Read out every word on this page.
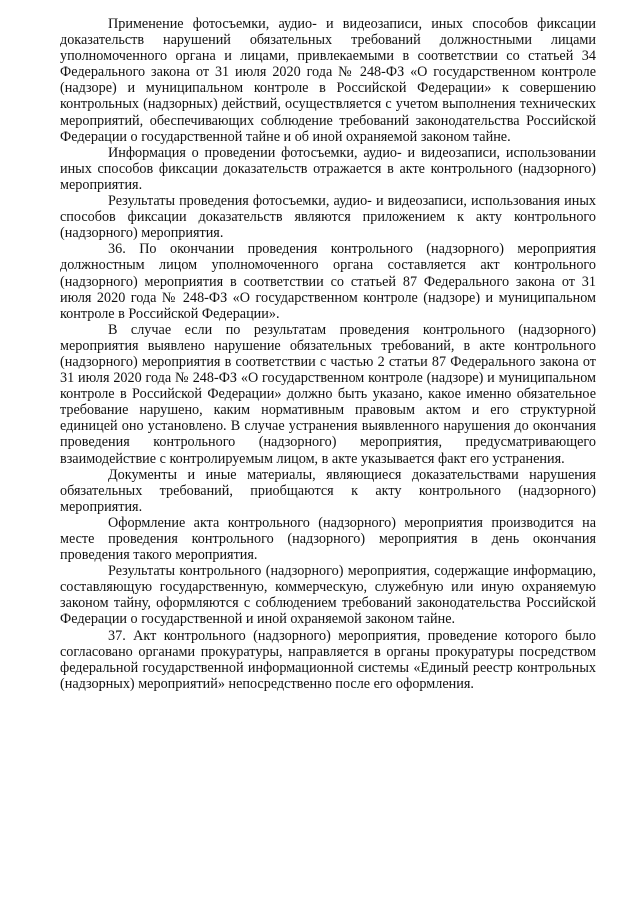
Применение фотосъемки, аудио- и видеозаписи, иных способов фиксации доказательств нарушений обязательных требований должностными лицами уполномоченного органа и лицами, привлекаемыми в соответствии со статьей 34 Федерального закона от 31 июля 2020 года № 248-ФЗ «О государственном контроле (надзоре) и муниципальном контроле в Российской Федерации» к совершению контрольных (надзорных) действий, осуществляется с учетом выполнения технических мероприятий, обеспечивающих соблюдение требований законодательства Российской Федерации о государственной тайне и об иной охраняемой законом тайне.

Информация о проведении фотосъемки, аудио- и видеозаписи, использовании иных способов фиксации доказательств отражается в акте контрольного (надзорного) мероприятия.

Результаты проведения фотосъемки, аудио- и видеозаписи, использования иных способов фиксации доказательств являются приложением к акту контрольного (надзорного) мероприятия.

36. По окончании проведения контрольного (надзорного) мероприятия должностным лицом уполномоченного органа составляется акт контрольного (надзорного) мероприятия в соответствии со статьей 87 Федерального закона от 31 июля 2020 года № 248-ФЗ «О государственном контроле (надзоре) и муниципальном контроле в Российской Федерации».

В случае если по результатам проведения контрольного (надзорного) мероприятия выявлено нарушение обязательных требований, в акте контрольного (надзорного) мероприятия в соответствии с частью 2 статьи 87 Федерального закона от 31 июля 2020 года № 248-ФЗ «О государственном контроле (надзоре) и муниципальном контроле в Российской Федерации» должно быть указано, какое именно обязательное требование нарушено, каким нормативным правовым актом и его структурной единицей оно установлено. В случае устранения выявленного нарушения до окончания проведения контрольного (надзорного) мероприятия, предусматривающего взаимодействие с контролируемым лицом, в акте указывается факт его устранения.

Документы и иные материалы, являющиеся доказательствами нарушения обязательных требований, приобщаются к акту контрольного (надзорного) мероприятия.

Оформление акта контрольного (надзорного) мероприятия производится на месте проведения контрольного (надзорного) мероприятия в день окончания проведения такого мероприятия.

Результаты контрольного (надзорного) мероприятия, содержащие информацию, составляющую государственную, коммерческую, служебную или иную охраняемую законом тайну, оформляются с соблюдением требований законодательства Российской Федерации о государственной и иной охраняемой законом тайне.

37. Акт контрольного (надзорного) мероприятия, проведение которого было согласовано органами прокуратуры, направляется в органы прокуратуры посредством федеральной государственной информационной системы «Единый реестр контрольных (надзорных) мероприятий» непосредственно после его оформления.
